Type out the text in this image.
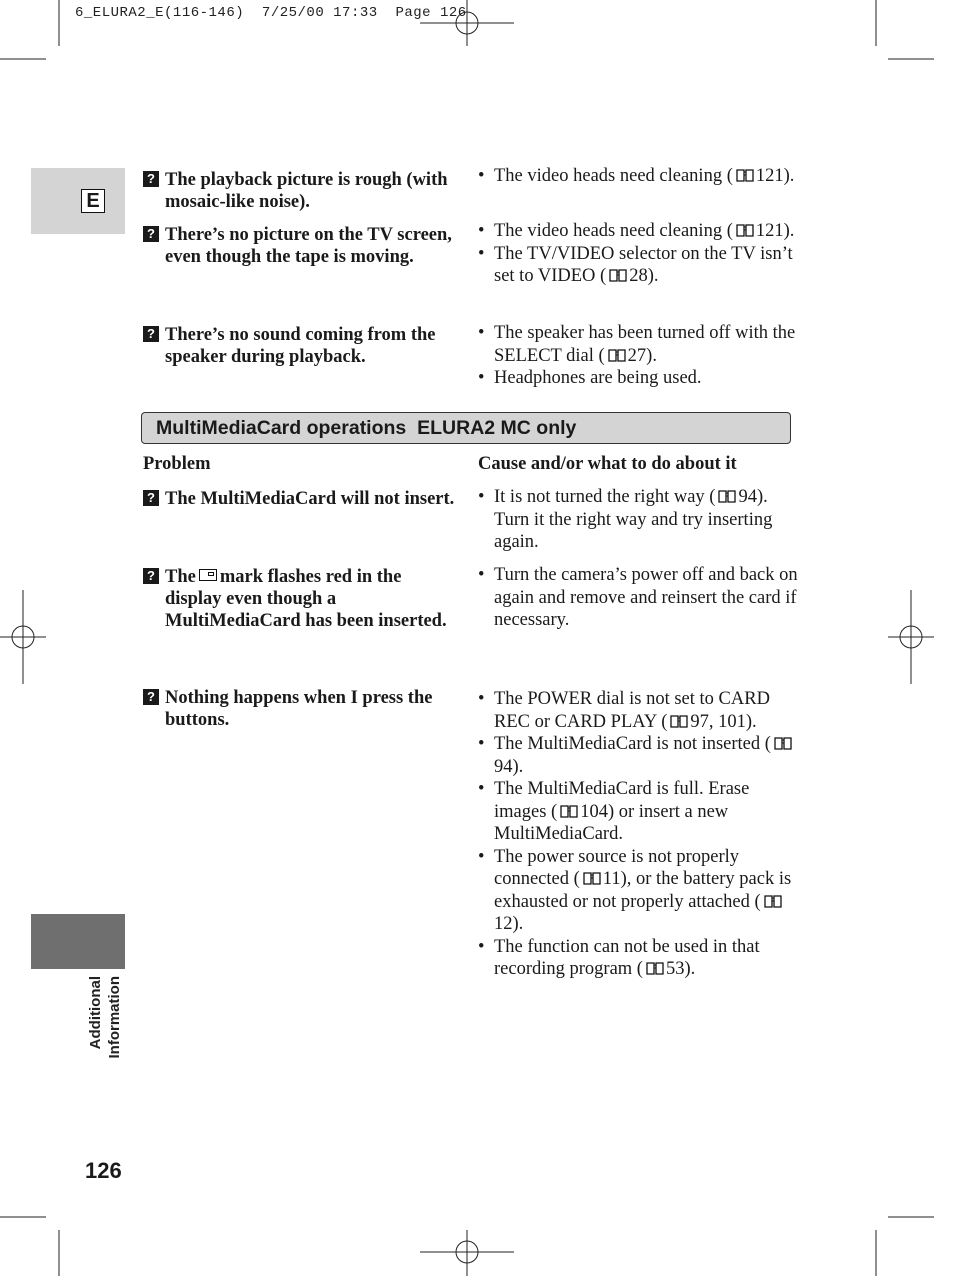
6_ELURA2_E(116-146)  7/25/00 17:33  Page 126
E
Additional Information
126
? The playback picture is rough (with mosaic-like noise).
• The video heads need cleaning ( 121).
? There’s no picture on the TV screen, even though the tape is moving.
• The video heads need cleaning ( 121).
• The TV/VIDEO selector on the TV isn’t set to VIDEO ( 28).
? There’s no sound coming from the speaker during playback.
• The speaker has been turned off with the SELECT dial ( 27).
• Headphones are being used.
MultiMediaCard operations  ELURA2 MC only
Problem	Cause and/or what to do about it
? The MultiMediaCard will not insert.
•	It is not turned the right way ( 94). Turn it the right way and try inserting again.
? The mark flashes red in the display even though a MultiMediaCard has been inserted.
• Turn the camera’s power off and back on again and remove and reinsert the card if necessary.
? Nothing happens when I press the buttons.
• The POWER dial is not set to CARD REC or CARD PLAY ( 97, 101).
• The MultiMediaCard is not inserted (94).
• The MultiMediaCard is full. Erase images ( 104) or insert a new MultiMediaCard.
• The power source is not properly connected ( 11), or the battery pack is exhausted or not properly attached (12).
• The function can not be used in that recording program ( 53).
